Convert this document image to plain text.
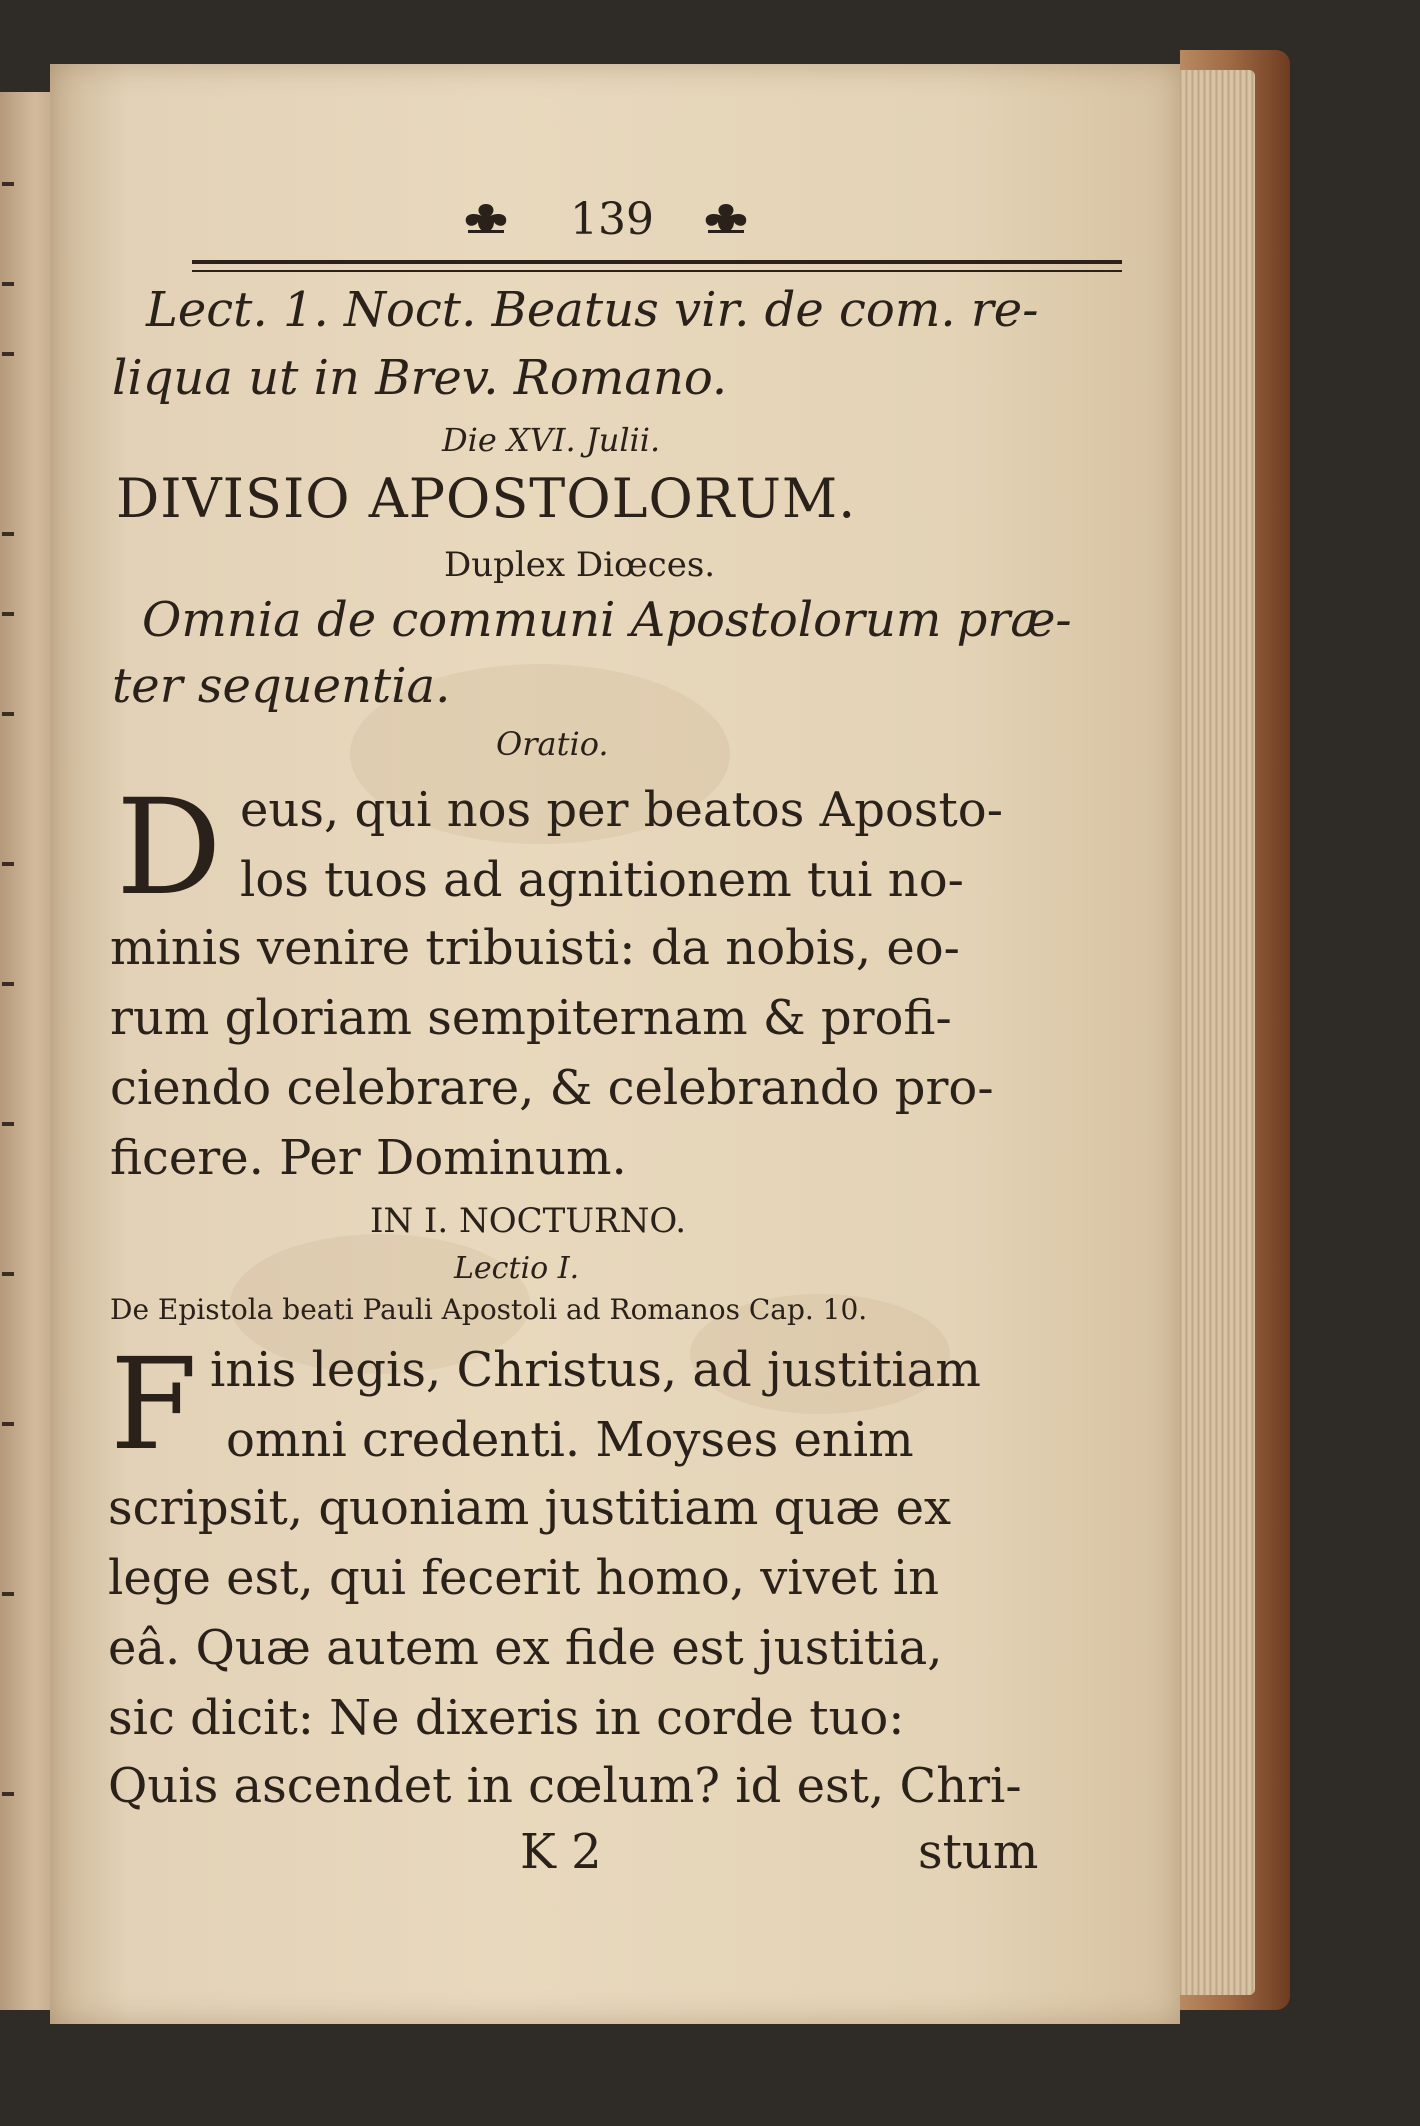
139
Lect. 1. Noct. Beatus vir. de com. re-
liqua ut in Brev. Romano.
Die XVI. Julii.
DIVISIO APOSTOLORUM.
Duplex Diœces.
Omnia de communi Apostolorum præ-
ter sequentia.
Oratio.
D eus, qui nos per beatos Aposto-
los tuos ad agnitionem tui no-
minis venire tribuisti: da nobis, eo-
rum gloriam sempiternam & profi-
ciendo celebrare, & celebrando pro-
ficere. Per Dominum.
IN I. NOCTURNO.
Lectio I.
De Epistola beati Pauli Apostoli ad Romanos Cap. 10.
F inis legis, Christus, ad justitiam
omni credenti. Moyses enim
scripsit, quoniam justitiam quæ ex
lege est, qui fecerit homo, vivet in
eâ. Quæ autem ex fide est justitia,
sic dicit: Ne dixeris in corde tuo:
Quis ascendet in cœlum? id est, Chri-
K 2	stum
